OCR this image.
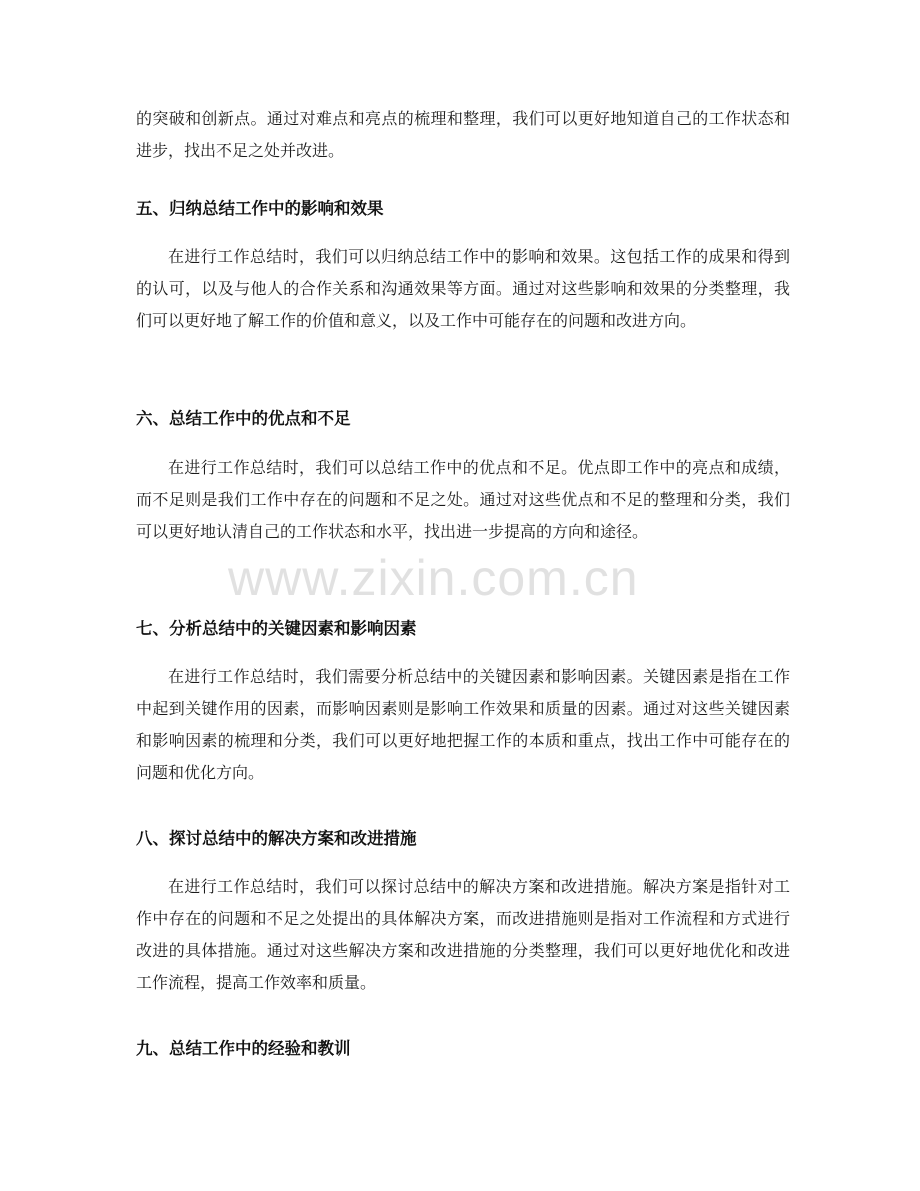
的突破和创新点。通过对难点和亮点的梳理和整理，我们可以更好地知道自己的工作状态和进步，找出不足之处并改进。
五、归纳总结工作中的影响和效果
在进行工作总结时，我们可以归纳总结工作中的影响和效果。这包括工作的成果和得到的认可，以及与他人的合作关系和沟通效果等方面。通过对这些影响和效果的分类整理，我们可以更好地了解工作的价值和意义，以及工作中可能存在的问题和改进方向。
六、总结工作中的优点和不足
在进行工作总结时，我们可以总结工作中的优点和不足。优点即工作中的亮点和成绩，而不足则是我们工作中存在的问题和不足之处。通过对这些优点和不足的整理和分类，我们可以更好地认清自己的工作状态和水平，找出进一步提高的方向和途径。
七、分析总结中的关键因素和影响因素
在进行工作总结时，我们需要分析总结中的关键因素和影响因素。关键因素是指在工作中起到关键作用的因素，而影响因素则是影响工作效果和质量的因素。通过对这些关键因素和影响因素的梳理和分类，我们可以更好地把握工作的本质和重点，找出工作中可能存在的问题和优化方向。
八、探讨总结中的解决方案和改进措施
在进行工作总结时，我们可以探讨总结中的解决方案和改进措施。解决方案是指针对工作中存在的问题和不足之处提出的具体解决方案，而改进措施则是指对工作流程和方式进行改进的具体措施。通过对这些解决方案和改进措施的分类整理，我们可以更好地优化和改进工作流程，提高工作效率和质量。
九、总结工作中的经验和教训
www.zixin.com.cn
